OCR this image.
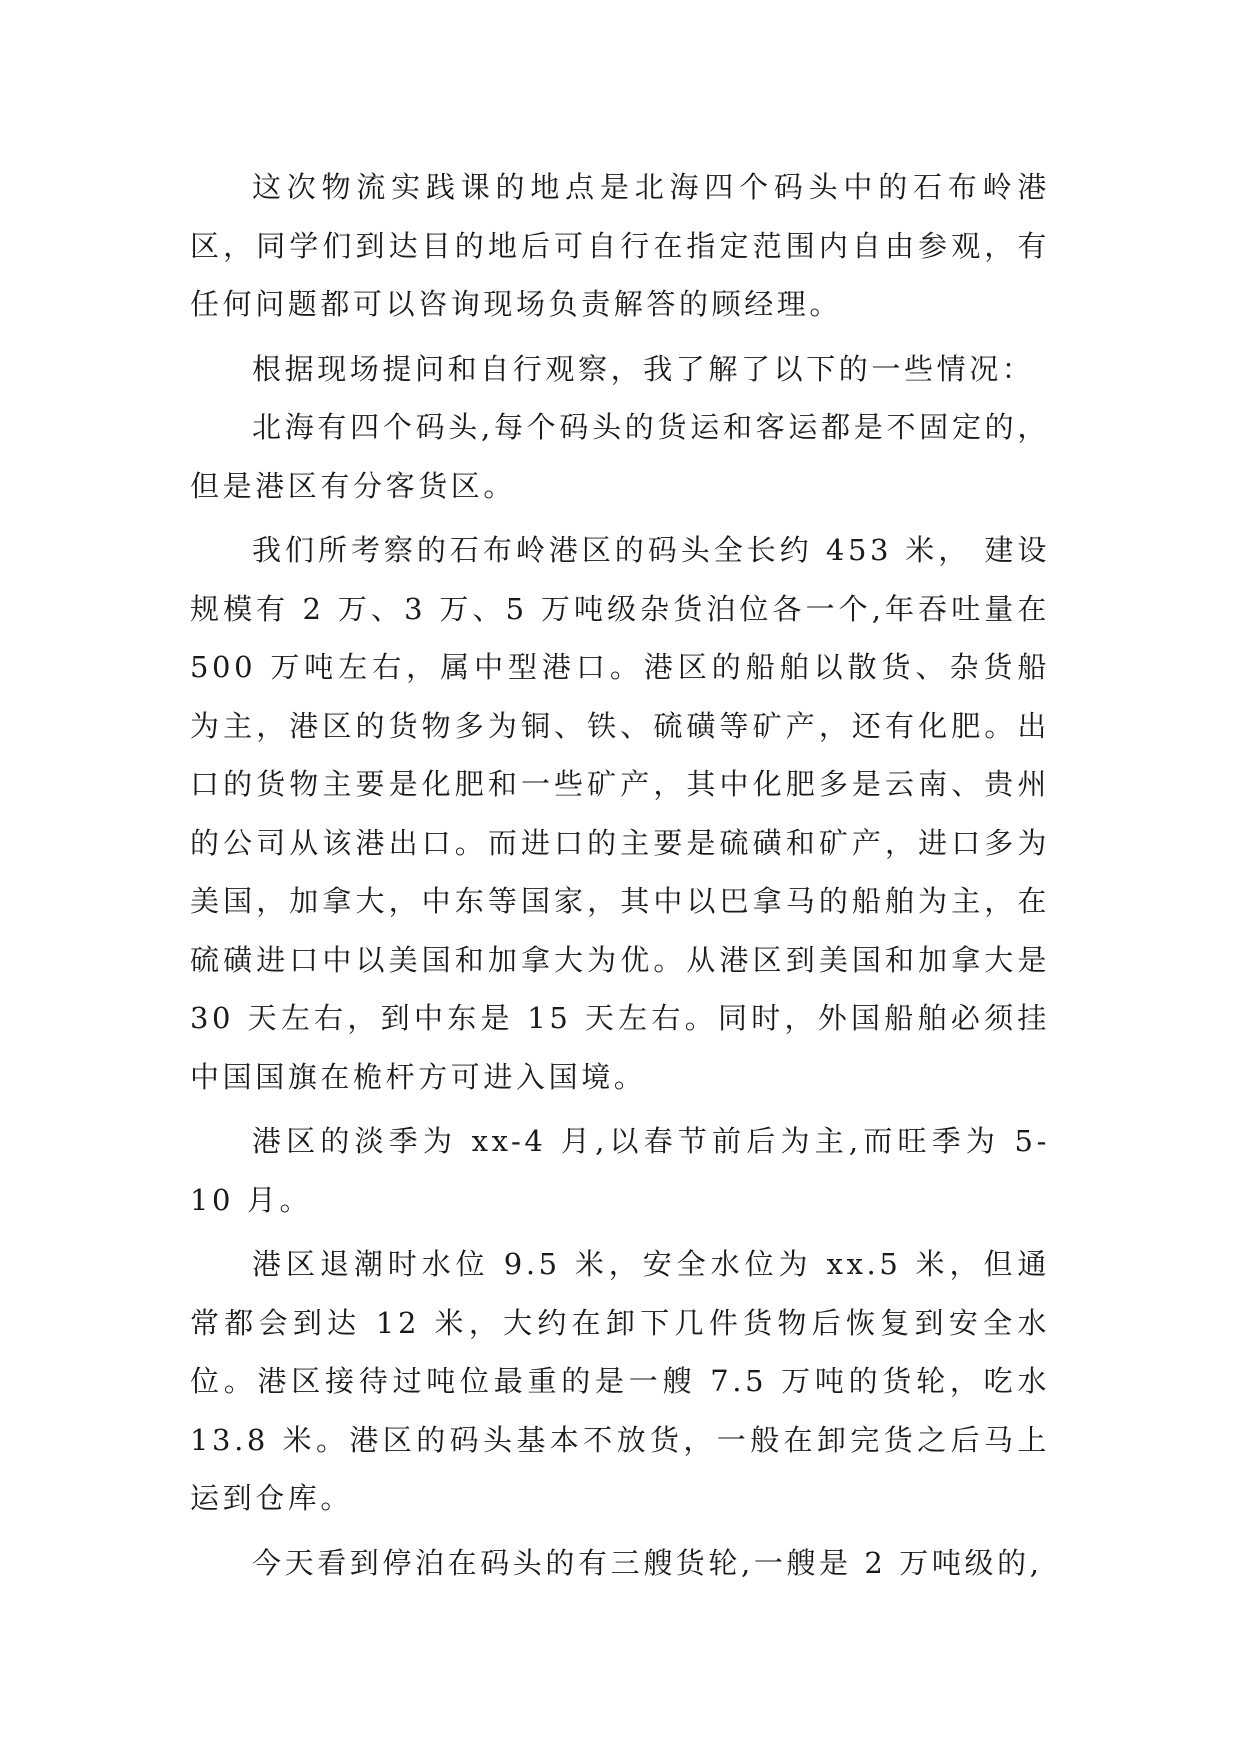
这次物流实践课的地点是北海四个码头中的石布岭港区，同学们到达目的地后可自行在指定范围内自由参观，有任何问题都可以咨询现场负责解答的顾经理。

根据现场提问和自行观察，我了解了以下的一些情况：

北海有四个码头,每个码头的货运和客运都是不固定的，但是港区有分客货区。

我们所考察的石布岭港区的码头全长约 453 米， 建设规模有 2 万、3 万、5 万吨级杂货泊位各一个,年吞吐量在 500 万吨左右，属中型港口。港区的船舶以散货、杂货船为主，港区的货物多为铜、铁、硫磺等矿产，还有化肥。出口的货物主要是化肥和一些矿产，其中化肥多是云南、贵州的公司从该港出口。而进口的主要是硫磺和矿产，进口多为美国，加拿大，中东等国家，其中以巴拿马的船舶为主，在硫磺进口中以美国和加拿大为优。从港区到美国和加拿大是 30 天左右，到中东是 15 天左右。同时，外国船舶必须挂中国国旗在桅杆方可进入国境。

港区的淡季为 xx-4 月,以春节前后为主,而旺季为 5-10 月。

港区退潮时水位 9.5 米，安全水位为 xx.5 米，但通常都会到达 12 米，大约在卸下几件货物后恢复到安全水位。港区接待过吨位最重的是一艘 7.5 万吨的货轮，吃水 13.8 米。港区的码头基本不放货，一般在卸完货之后马上运到仓库。

今天看到停泊在码头的有三艘货轮,一艘是 2 万吨级的,
